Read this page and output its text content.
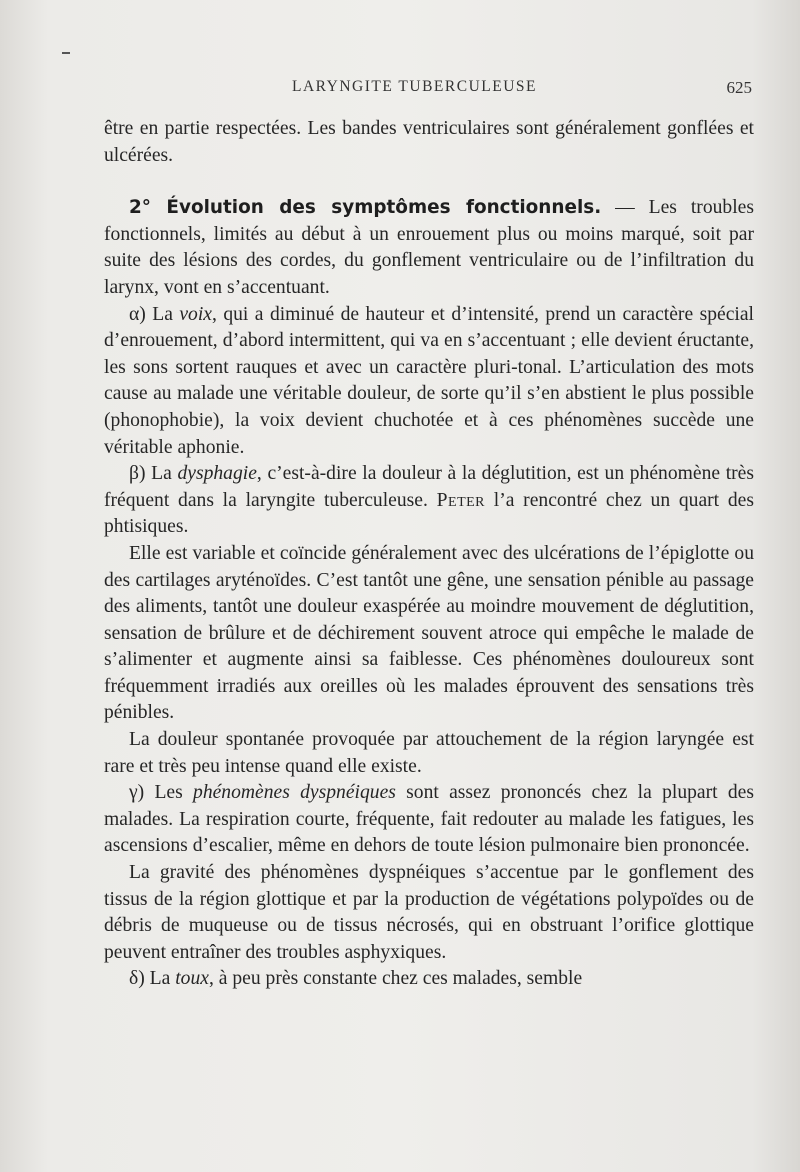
LARYNGITE TUBERCULEUSE	625

être en partie respectées. Les bandes ventriculaires sont généralement gonflées et ulcérées.

2° Évolution des symptômes fonctionnels. — Les troubles fonctionnels, limités au début à un enrouement plus ou moins marqué, soit par suite des lésions des cordes, du gonflement ventriculaire ou de l’infiltration du larynx, vont en s’accentuant.

α) La voix, qui a diminué de hauteur et d’intensité, prend un caractère spécial d’enrouement, d’abord intermittent, qui va en s’accentuant ; elle devient éructante, les sons sortent rauques et avec un caractère pluri-tonal. L’articulation des mots cause au malade une véritable douleur, de sorte qu’il s’en abstient le plus possible (phonophobie), la voix devient chuchotée et à ces phénomènes succède une véritable aphonie.

β) La dysphagie, c’est-à-dire la douleur à la déglutition, est un phénomène très fréquent dans la laryngite tuberculeuse. Peter l’a rencontré chez un quart des phtisiques.

Elle est variable et coïncide généralement avec des ulcérations de l’épiglotte ou des cartilages aryténoïdes. C’est tantôt une gêne, une sensation pénible au passage des aliments, tantôt une douleur exaspérée au moindre mouvement de déglutition, sensation de brûlure et de déchirement souvent atroce qui empêche le malade de s’alimenter et augmente ainsi sa faiblesse. Ces phénomènes douloureux sont fréquemment irradiés aux oreilles où les malades éprouvent des sensations très pénibles.

La douleur spontanée provoquée par attouchement de la région laryngée est rare et très peu intense quand elle existe.

γ) Les phénomènes dyspnéiques sont assez prononcés chez la plupart des malades. La respiration courte, fréquente, fait redouter au malade les fatigues, les ascensions d’escalier, même en dehors de toute lésion pulmonaire bien prononcée.

La gravité des phénomènes dyspnéiques s’accentue par le gonflement des tissus de la région glottique et par la production de végétations polypoïdes ou de débris de muqueuse ou de tissus nécrosés, qui en obstruant l’orifice glottique peuvent entraîner des troubles asphyxiques.

δ) La toux, à peu près constante chez ces malades, semble
